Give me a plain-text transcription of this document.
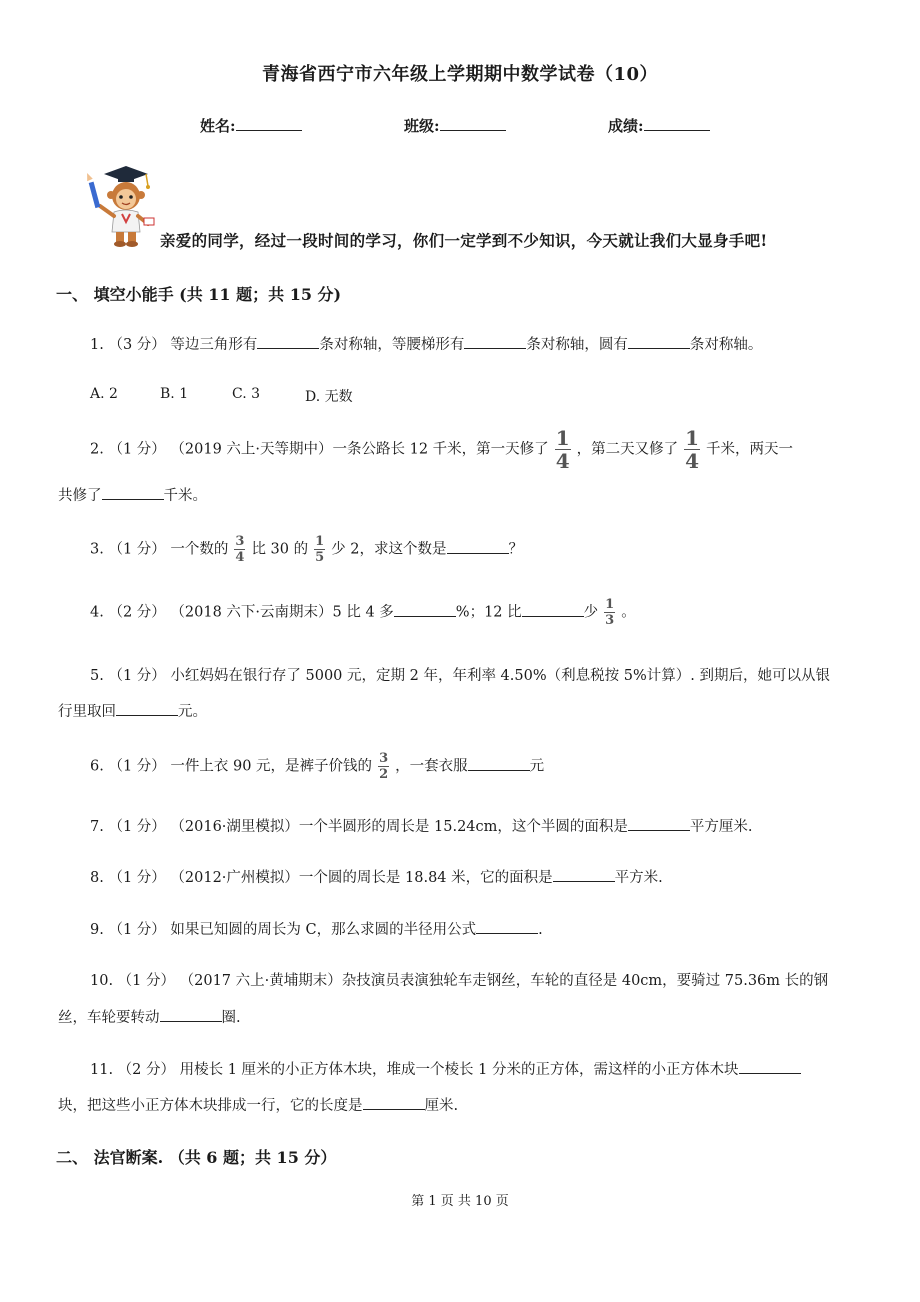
青海省西宁市六年级上学期期中数学试卷（10）
姓名:	班级:	成绩:
亲爱的同学，经过一段时间的学习，你们一定学到不少知识，今天就让我们大显身手吧!
一、 填空小能手 (共 11 题；共 15 分)
1. （3 分） 等边三角形有	条对称轴，等腰梯形有	条对称轴，圆有	条对称轴。
A. 2	B. 1	C. 3	D. 无数
2. （1 分） （2019 六上·天等期中）一条公路长 12 千米，第一天修了 $\frac{1}{4}$ ，第二天又修了 $\frac{1}{4}$ 千米，两天一
共修了	千米。
3. （1 分） 一个数的 $\frac{3}{4}$ 比 30 的 $\frac{1}{5}$ 少 2，求这个数是	？
4. （2 分） （2018 六下·云南期末）5 比 4 多	%；12 比	少 $\frac{1}{3}$ 。
5. （1 分） 小红妈妈在银行存了 5000 元，定期 2 年，年利率 4.50%（利息税按 5%计算）. 到期后，她可以从银
行里取回	元。
6. （1 分） 一件上衣 90 元，是裤子价钱的 $\frac{3}{2}$ ，一套衣服	元
7. （1 分） （2016·湖里模拟）一个半圆形的周长是 15.24cm，这个半圆的面积是	平方厘米.
8. （1 分） （2012·广州模拟）一个圆的周长是 18.84 米，它的面积是	平方米.
9. （1 分） 如果已知圆的周长为 C，那么求圆的半径用公式	.
10. （1 分） （2017 六上·黄埔期末）杂技演员表演独轮车走钢丝，车轮的直径是 40cm，要骑过 75.36m 长的钢
丝，车轮要转动	圈.
11. （2 分） 用棱长 1 厘米的小正方体木块，堆成一个棱长 1 分米的正方体，需这样的小正方体木块
块，把这些小正方体木块排成一行，它的长度是	厘米.
二、 法官断案. （共 6 题；共 15 分）
第 1 页 共 10 页
